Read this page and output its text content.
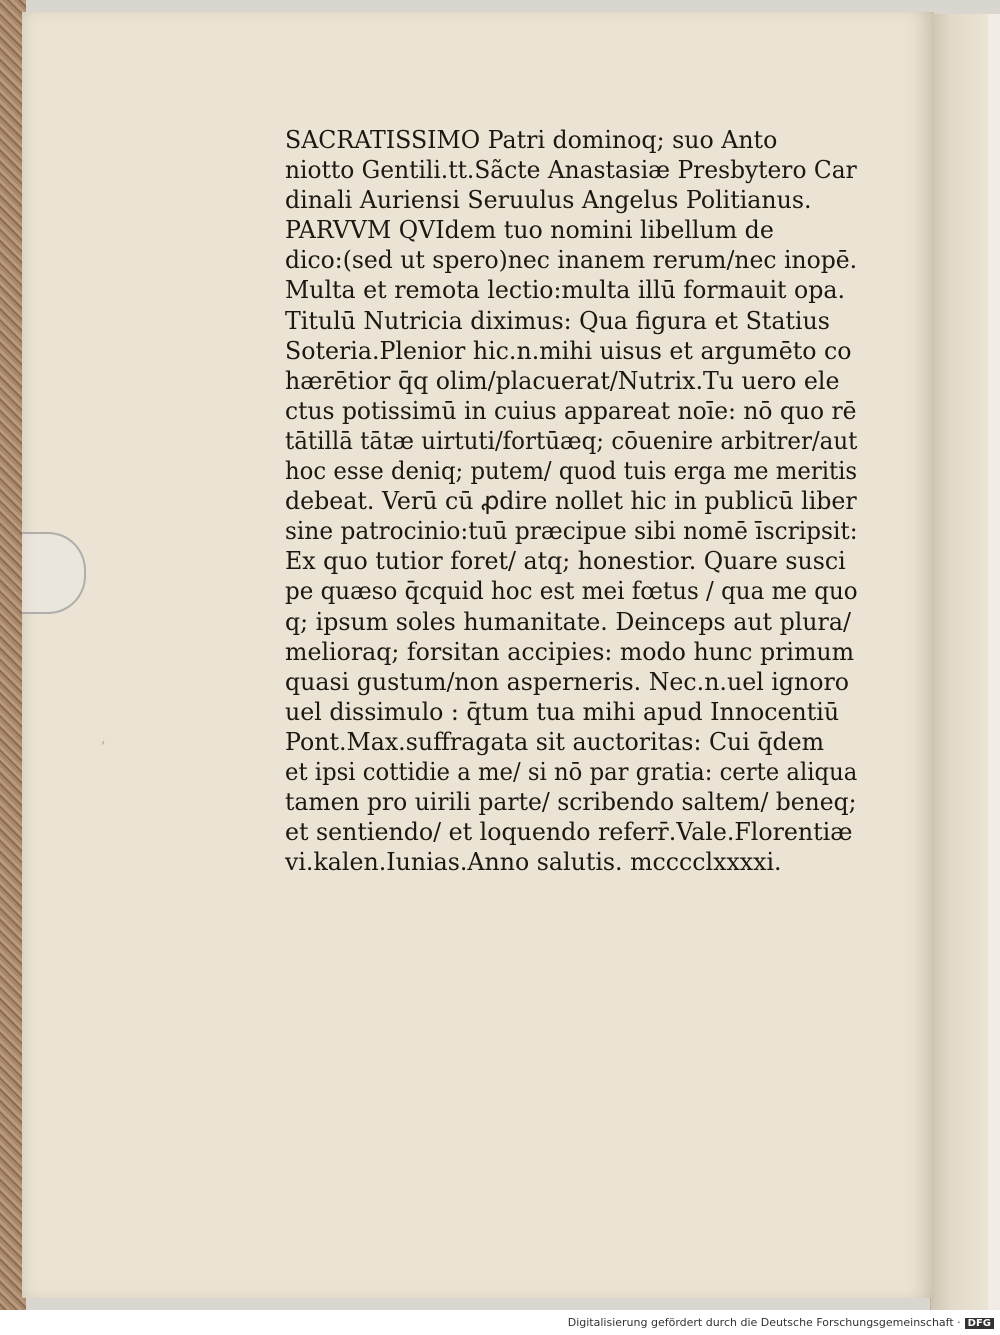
ʼ
SACRATISSIMO Patri dominoq; suo Anto
niotto Gentili.tt.Sãcte Anastasiæ Presbytero Car
dinali Auriensi Seruulus Angelus Politianus.
PARVVM QVIdem tuo nomini libellum de
dico:(sed ut spero)nec inanem rerum/nec inopē.
Multa et remota lectio:multa illū formauit opa.
Titulū Nutricia diximus: Qua figura et Statius
Soteria.Plenior hic.n.mihi uisus et argumēto co
hærētior q̄q olim/placuerat/Nutrix.Tu uero ele
ctus potissimū in cuius appareat noīe: nō quo rē
tātillā tātæ uirtuti/fortūæq; cōuenire arbitrer/aut
hoc esse deniq; putem/ quod tuis erga me meritis
debeat. Verū cū ꝓdire nollet hic in publicū liber
sine patrocinio:tuū præcipue sibi nomē īscripsit:
Ex quo tutior foret/ atq; honestior. Quare susci
pe quæso q̄cquid hoc est mei fœtus / qua me quo
q; ipsum soles humanitate. Deinceps aut plura/
melioraq; forsitan accipies: modo hunc primum
quasi gustum/non asperneris. Nec.n.uel ignoro
uel dissimulo : q̄tum tua mihi apud Innocentiū
Pont.Max.suffragata sit auctoritas: Cui q̄dem
et ipsi cottidie a me/ si nō par gratia: certe aliqua
tamen pro uirili parte/ scribendo saltem/ beneq;
et sentiendo/ et loquendo referr̄.Vale.Florentiæ
vi.kalen.Iunias.Anno salutis. mcccclxxxxi.
Digitalisierung gefördert durch die Deutsche Forschungsgemeinschaft · DFG
